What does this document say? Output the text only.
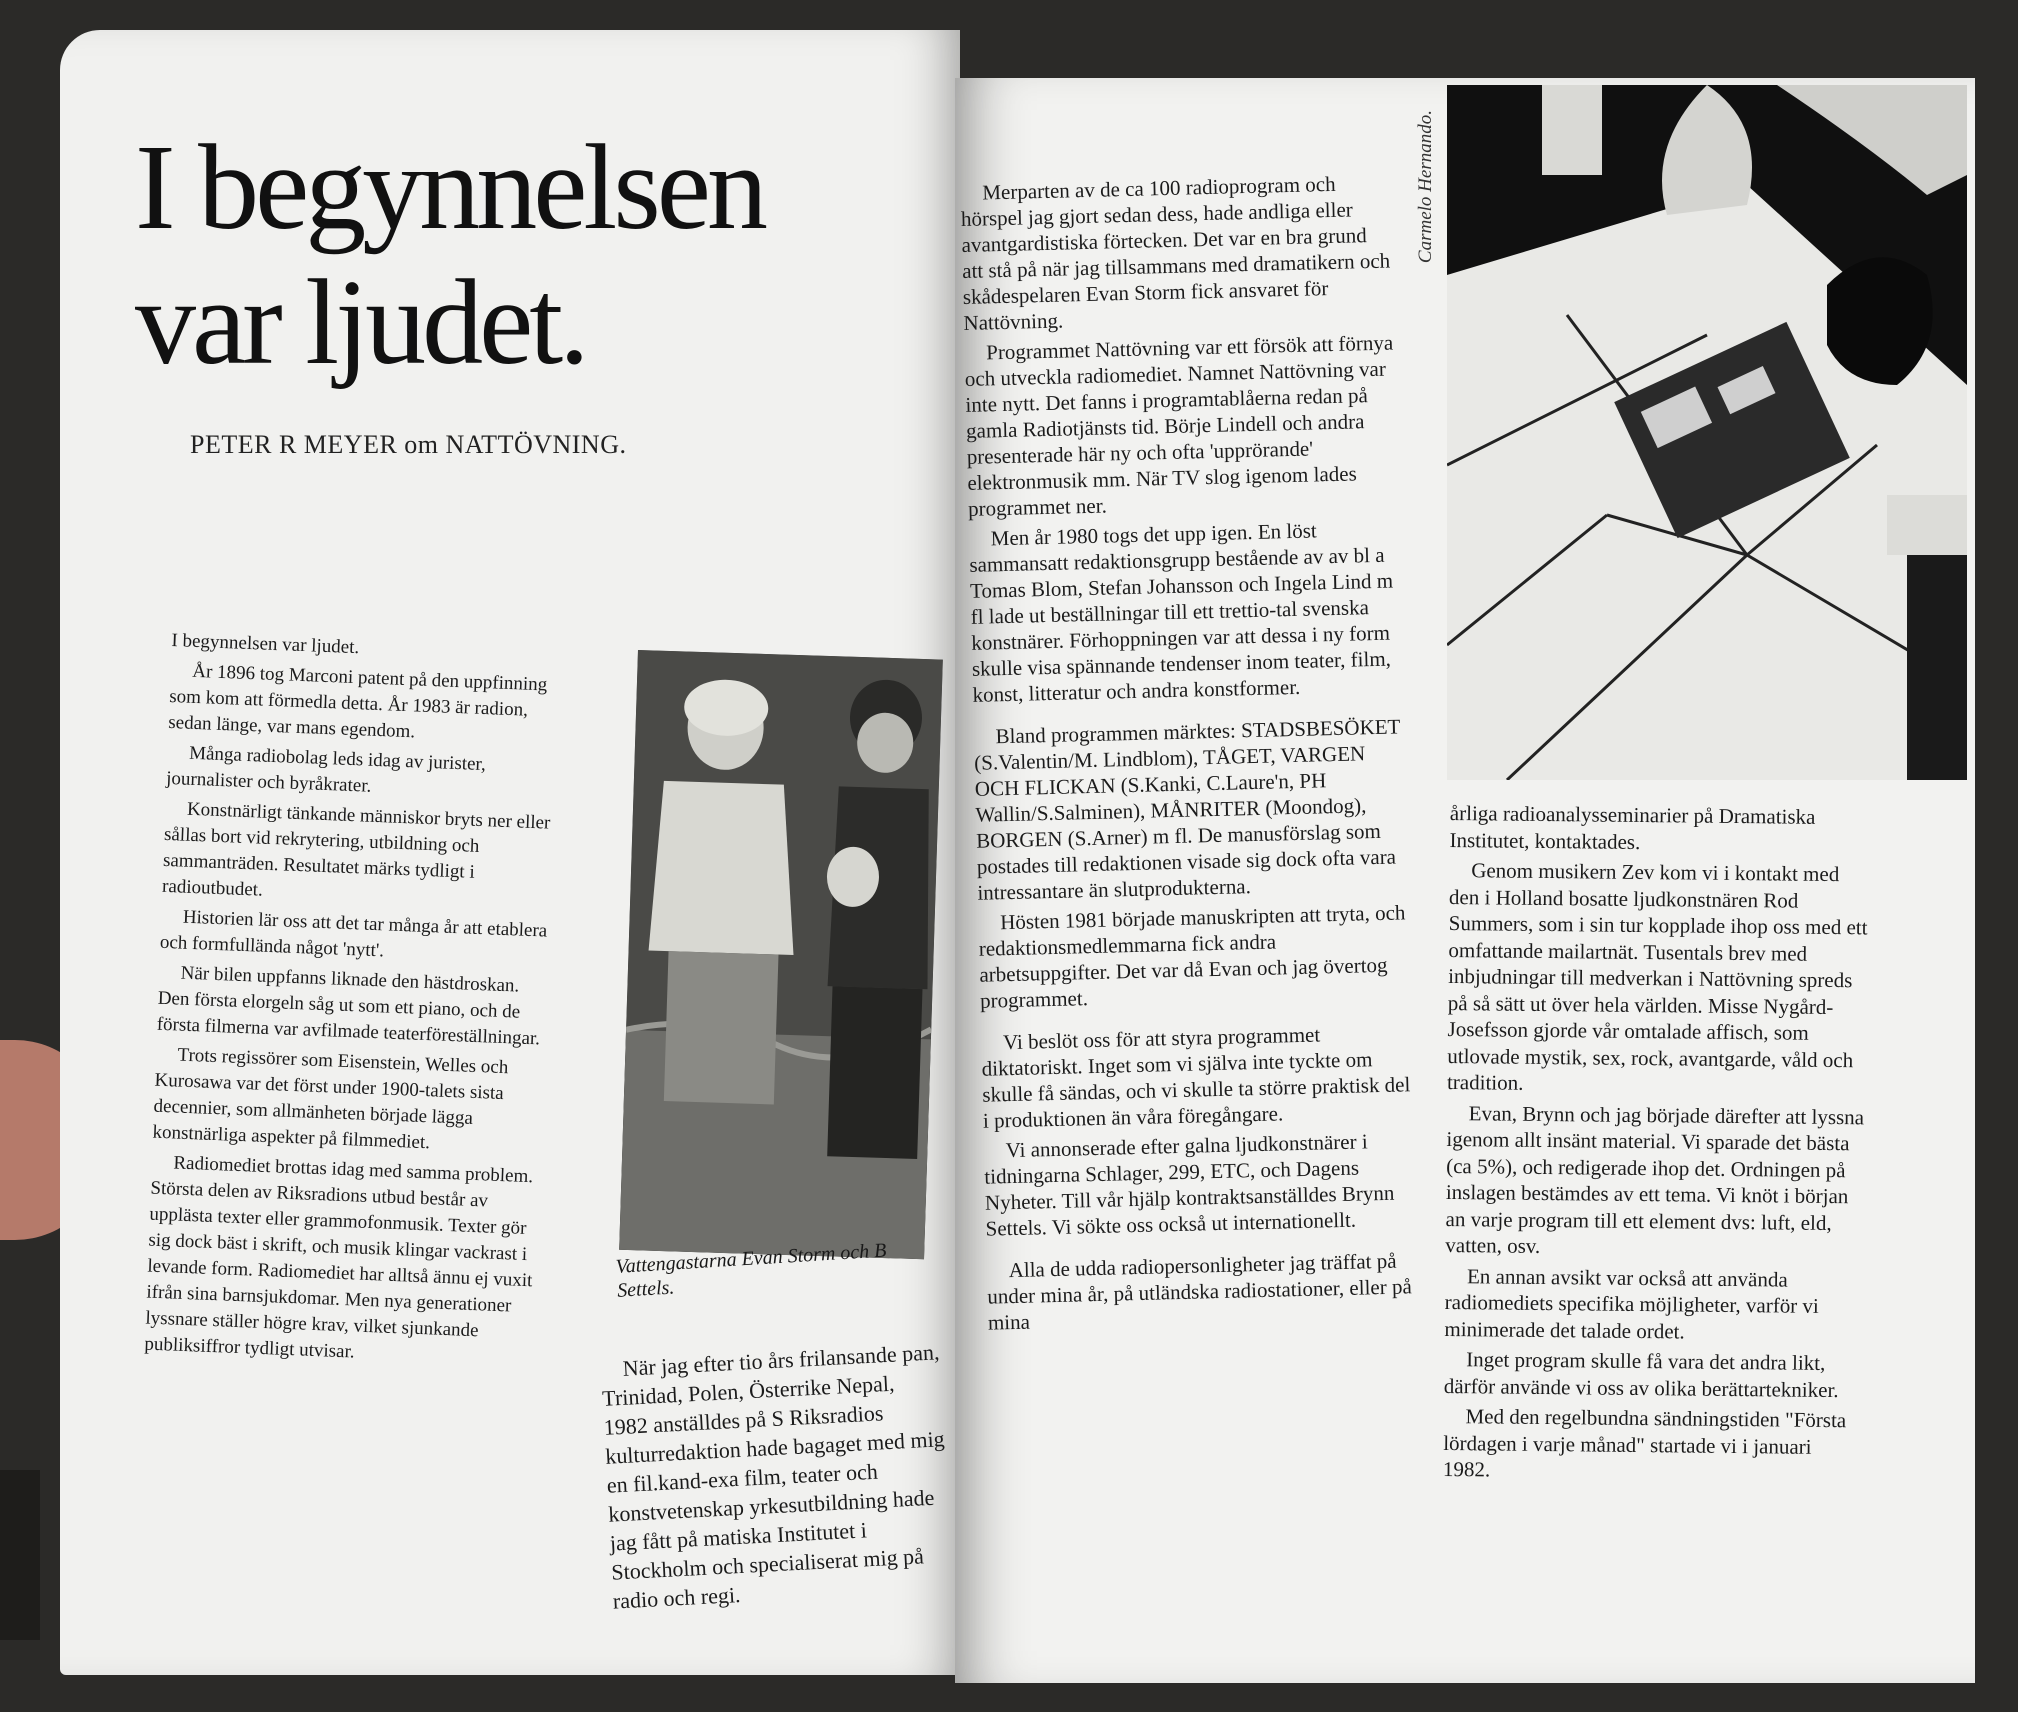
I begynnelsen
var ljudet.
PETER R MEYER om NATTÖVNING.

I begynnelsen var ljudet.

År 1896 tog Marconi patent på den uppfinning som kom att förmedla detta. År 1983 är radion, sedan länge, var mans egendom.

Många radiobolag leds idag av jurister, journalister och byråkrater.

Konstnärligt tänkande människor bryts ner eller sållas bort vid rekrytering, utbildning och sammanträden. Resultatet märks tydligt i radioutbudet.

Historien lär oss att det tar många år att etablera och formfulländа något 'nytt'.

När bilen uppfanns liknade den hästdroskan. Den första elorgeln såg ut som ett piano, och de första filmerna var avfilmade teaterföreställningar.

Trots regissörer som Eisenstein, Welles och Kurosawa var det först under 1900-talets sista decennier, som allmänheten började lägga konstnärliga aspekter på filmmediet.

Radiomediet brottas idag med samma problem. Största delen av Riksradions utbud består av upplästa texter eller grammofonmusik. Texter gör sig dock bäst i skrift, och musik klingar vackrast i levande form. Radiomediet har alltså ännu ej vuxit ifrån sina barnsjukdomar. Men nya generationer lyssnare ställer högre krav, vilket sjunkande publiksiffror tydligt utvisar.

Vattengastarna Evan Storm och B Settels.

När jag efter tio års frilansande pan, Trinidad, Polen, Österrike Nepal, 1982 anställdes på S Riksradios kulturredaktion hade bagaget med mig en fil.kand-exa film, teater och konstvetenskap yrkesutbildning hade jag fått på matiska Institutet i Stockholm och specialiserat mig på radio och regi.

Merparten av de ca 100 radioprogram och hörspel jag gjort sedan dess, hade andliga eller avantgardistiska förtecken. Det var en bra grund att stå på när jag tillsammans med dramatikern och skådespelaren Evan Storm fick ansvaret för Nattövning.

Programmet Nattövning var ett försök att förnya och utveckla radiomediet. Namnet Nattövning var inte nytt. Det fanns i programtablåerna redan på gamla Radiotjänsts tid. Börje Lindell och andra presenterade här ny och ofta 'upprörande' elektronmusik mm. När TV slog igenom lades programmet ner.

Men år 1980 togs det upp igen. En löst sammansatt redaktionsgrupp bestående av av bl a Tomas Blom, Stefan Johansson och Ingela Lind m fl lade ut beställningar till ett trettio-tal svenska konstnärer. Förhoppningen var att dessa i ny form skulle visa spännande tendenser inom teater, film, konst, litteratur och andra konstformer.

Bland programmen märktes: STADSBESÖKET (S.Valentin/M. Lindblom), TÅGET, VARGEN OCH FLICKAN (S.Kanki, C.Laure'n, PH Wallin/S.Salminen), MÅNRITER (Moondog), BORGEN (S.Arner) m fl. De manusförslag som postades till redaktionen visade sig dock ofta vara intressantare än slutprodukterna.

Hösten 1981 började manuskripten att tryta, och redaktionsmedlemmarna fick andra arbetsuppgifter. Det var då Evan och jag övertog programmet.

Vi beslöt oss för att styra programmet diktatoriskt. Inget som vi själva inte tyckte om skulle få sändas, och vi skulle ta större praktisk del i produktionen än våra föregångare.

Vi annonserade efter galna ljudkonstnärer i tidningarna Schlager, 299, ETC, och Dagens Nyheter. Till vår hjälp kontraktsanställdes Brynn Settels. Vi sökte oss också ut internationellt.

Alla de udda radiopersonligheter jag träffat på under mina år, på utländska radiostationer, eller på mina

Carmelo Hernando.

årliga radioanalysseminarier på Dramatiska Institutet, kontaktades.

Genom musikern Zev kom vi i kontakt med den i Holland bosatte ljudkonstnären Rod Summers, som i sin tur kopplade ihop oss med ett omfattande mailartnät. Tusentals brev med inbjudningar till medverkan i Nattövning spreds på så sätt ut över hela världen. Misse Nygård-Josefsson gjorde vår omtalade affisch, som utlovade mystik, sex, rock, avantgarde, våld och tradition.

Evan, Brynn och jag började därefter att lyssna igenom allt insänt material. Vi sparade det bästa (ca 5%), och redigerade ihop det. Ordningen på inslagen bestämdes av ett tema. Vi knöt i början an varje program till ett element dvs: luft, eld, vatten, osv.

En annan avsikt var också att använda radiomediets specifika möjligheter, varför vi minimerade det talade ordet.

Inget program skulle få vara det andra likt, därför använde vi oss av olika berättartekniker.

Med den regelbundna sändningstiden "Första lördagen i varje månad" startade vi i januari 1982.
